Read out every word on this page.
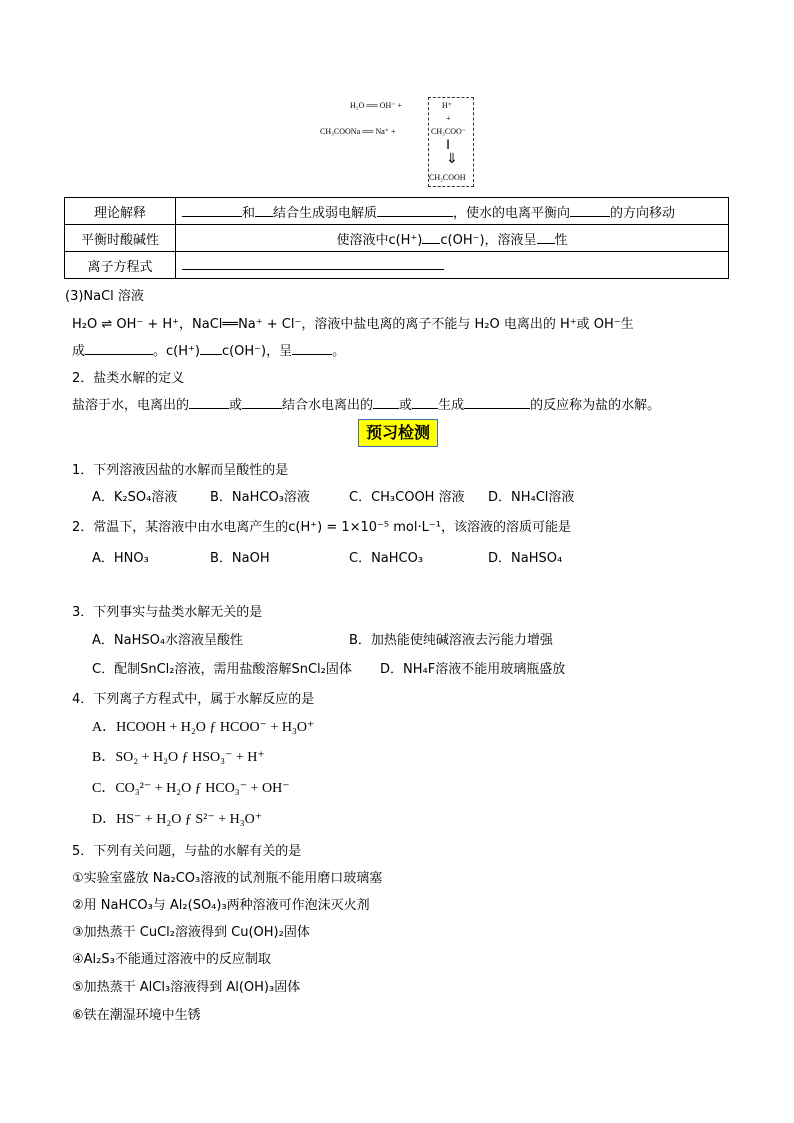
H₂O ══ OH⁻ +	H⁺
+
CH₃COONa ══ Na⁺ +	CH₃COO⁻
‖
⇓
CH₃COOH
理论解释	和 结合生成弱电解质 ，使水的电离平衡向 的方向移动
平衡时酸碱性	使溶液中c(H⁺) c(OH⁻)，溶液呈 性
离子方程式	
(3)NaCl 溶液
H₂O ⇌ OH⁻ + H⁺，NaCl══Na⁺ + Cl⁻，溶液中盐电离的离子不能与 H₂O 电离出的 H⁺或 OH⁻生
成	。c(H⁺) c(OH⁻)，呈	。
2．盐类水解的定义
盐溶于水，电离出的	或	结合水电离出的 或 生成	的反应称为盐的水解。
预习检测
1．下列溶液因盐的水解而呈酸性的是
A．K₂SO₄溶液	B．NaHCO₃溶液	C．CH₃COOH 溶液 D．NH₄Cl溶液
2．常温下，某溶液中由水电离产生的c(H⁺) = 1×10⁻⁵ mol·L⁻¹，该溶液的溶质可能是
A．HNO₃	B．NaOH	C．NaHCO₃	D．NaHSO₄
3．下列事实与盐类水解无关的是
A．NaHSO₄水溶液呈酸性	B．加热能使纯碱溶液去污能力增强
C．配制SnCl₂溶液，需用盐酸溶解SnCl₂固体 D．NH₄F溶液不能用玻璃瓶盛放
4．下列离子方程式中，属于水解反应的是
A．HCOOH + H₂O ƒ HCOO⁻ + H₃O⁺
B．SO₂ + H₂O ƒ HSO₃⁻ + H⁺
C．CO₃²⁻ + H₂O ƒ HCO₃⁻ + OH⁻
D．HS⁻ + H₂O ƒ S²⁻ + H₃O⁺
5．下列有关问题，与盐的水解有关的是
①实验室盛放 Na₂CO₃溶液的试剂瓶不能用磨口玻璃塞
②用 NaHCO₃与 Al₂(SO₄)₃两种溶液可作泡沫灭火剂
③加热蒸干 CuCl₂溶液得到 Cu(OH)₂固体
④Al₂S₃不能通过溶液中的反应制取
⑤加热蒸干 AlCl₃溶液得到 Al(OH)₃固体
⑥铁在潮湿环境中生锈
